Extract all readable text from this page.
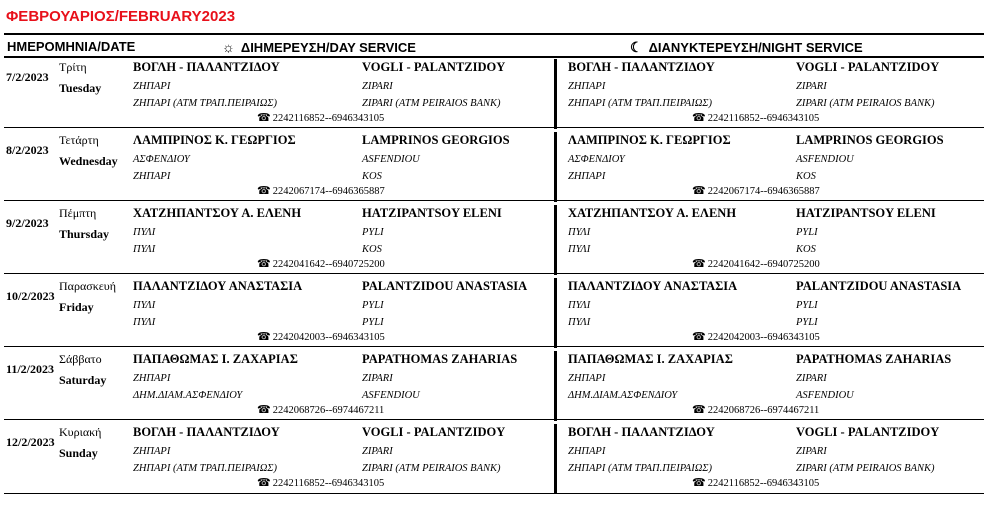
ΦΕΒΡΟΥΑΡΙΟΣ/FEBRUARY2023
ΗΜΕΡΟΜΗΝΙΑ/DATE	☼ ΔΙΗΜΕΡΕΥΣΗ/DAY SERVICE	☾ ΔΙΑΝΥΚΤΕΡΕΥΣΗ/NIGHT SERVICE
7/2/2023
Τρίτη
Tuesday
ΒΟΓΛΗ - ΠΑΛΑΝΤΖΙΔΟΥ	VOGLI - PALANTZIDOY
ΖΗΠΑΡΙ	ZIPARI
ΖΗΠΑΡΙ (ΑΤΜ ΤΡΑΠ.ΠΕΙΡΑΙΩΣ)	ZIPARI (ATM PEIRAIOS BANK)
☎ 2242116852--6946343105
ΒΟΓΛΗ - ΠΑΛΑΝΤΖΙΔΟΥ	VOGLI - PALANTZIDOY
ΖΗΠΑΡΙ	ZIPARI
ΖΗΠΑΡΙ (ΑΤΜ ΤΡΑΠ.ΠΕΙΡΑΙΩΣ)	ZIPARI (ATM PEIRAIOS BANK)
☎ 2242116852--6946343105
8/2/2023
Τετάρτη
Wednesday
ΛΑΜΠΡΙΝΟΣ Κ. ΓΕΩΡΓΙΟΣ	LAMPRINOS GEORGIOS
ΑΣΦΕΝΔΙΟΥ	ASFENDIOU
ΖΗΠΑΡΙ	KOS
☎ 2242067174--6946365887
ΛΑΜΠΡΙΝΟΣ Κ. ΓΕΩΡΓΙΟΣ	LAMPRINOS GEORGIOS
ΑΣΦΕΝΔΙΟΥ	ASFENDIOU
ΖΗΠΑΡΙ	KOS
☎ 2242067174--6946365887
9/2/2023
Πέμπτη
Thursday
ΧΑΤΖΗΠΑΝΤΣΟΥ Α. ΕΛΕΝΗ	HATZIPANTSOY ELENI
ΠΥΛΙ	PYLI
ΠΥΛΙ	KOS
☎ 2242041642--6940725200
ΧΑΤΖΗΠΑΝΤΣΟΥ Α. ΕΛΕΝΗ	HATZIPANTSOY ELENI
ΠΥΛΙ	PYLI
ΠΥΛΙ	KOS
☎ 2242041642--6940725200
10/2/2023
Παρασκευή
Friday
ΠΑΛΑΝΤΖΙΔΟΥ ΑΝΑΣΤΑΣΙΑ	PALANTZIDOU ANASTASIA
ΠΥΛΙ	PYLI
ΠΥΛΙ	PYLI
☎ 2242042003--6946343105
ΠΑΛΑΝΤΖΙΔΟΥ ΑΝΑΣΤΑΣΙΑ	PALANTZIDOU ANASTASIA
ΠΥΛΙ	PYLI
ΠΥΛΙ	PYLI
☎ 2242042003--6946343105
11/2/2023
Σάββατο
Saturday
ΠΑΠΑΘΩΜΑΣ Ι. ΖΑΧΑΡΙΑΣ	PAPATHOMAS ZAHARIAS
ΖΗΠΑΡΙ	ZIPARI
ΔΗΜ.ΔΙΑΜ.ΑΣΦΕΝΔΙΟΥ	ASFENDIOU
☎ 2242068726--6974467211
ΠΑΠΑΘΩΜΑΣ Ι. ΖΑΧΑΡΙΑΣ	PAPATHOMAS ZAHARIAS
ΖΗΠΑΡΙ	ZIPARI
ΔΗΜ.ΔΙΑΜ.ΑΣΦΕΝΔΙΟΥ	ASFENDIOU
☎ 2242068726--6974467211
12/2/2023
Κυριακή
Sunday
ΒΟΓΛΗ - ΠΑΛΑΝΤΖΙΔΟΥ	VOGLI - PALANTZIDOY
ΖΗΠΑΡΙ	ZIPARI
ΖΗΠΑΡΙ (ΑΤΜ ΤΡΑΠ.ΠΕΙΡΑΙΩΣ)	ZIPARI (ATM PEIRAIOS BANK)
☎ 2242116852--6946343105
ΒΟΓΛΗ - ΠΑΛΑΝΤΖΙΔΟΥ	VOGLI - PALANTZIDOY
ΖΗΠΑΡΙ	ZIPARI
ΖΗΠΑΡΙ (ΑΤΜ ΤΡΑΠ.ΠΕΙΡΑΙΩΣ)	ZIPARI (ATM PEIRAIOS BANK)
☎ 2242116852--6946343105
